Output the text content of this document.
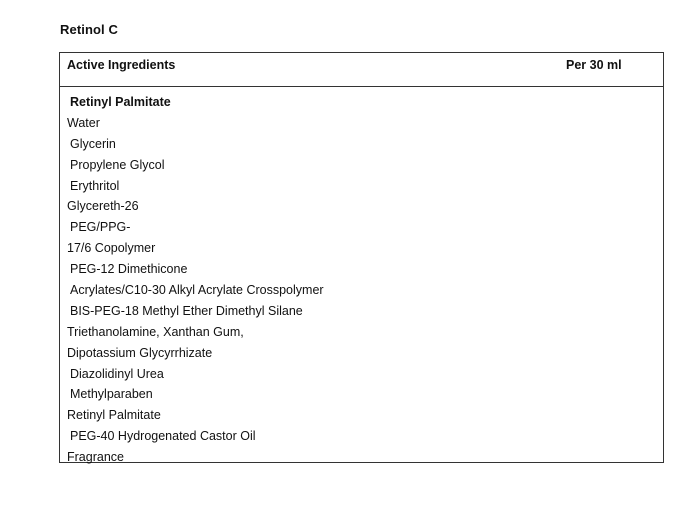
Retinol C
Active Ingredients	Per 30 ml
Retinyl Palmitate
Water
Glycerin
Propylene Glycol
Erythritol
Glycereth-26
PEG/PPG-
17/6 Copolymer
PEG-12 Dimethicone
Acrylates/C10-30 Alkyl Acrylate Crosspolymer
BIS-PEG-18 Methyl Ether Dimethyl Silane
Triethanolamine, Xanthan Gum,
Dipotassium Glycyrrhizate
Diazolidinyl Urea
Methylparaben
Retinyl Palmitate
PEG-40 Hydrogenated Castor Oil
Fragrance
